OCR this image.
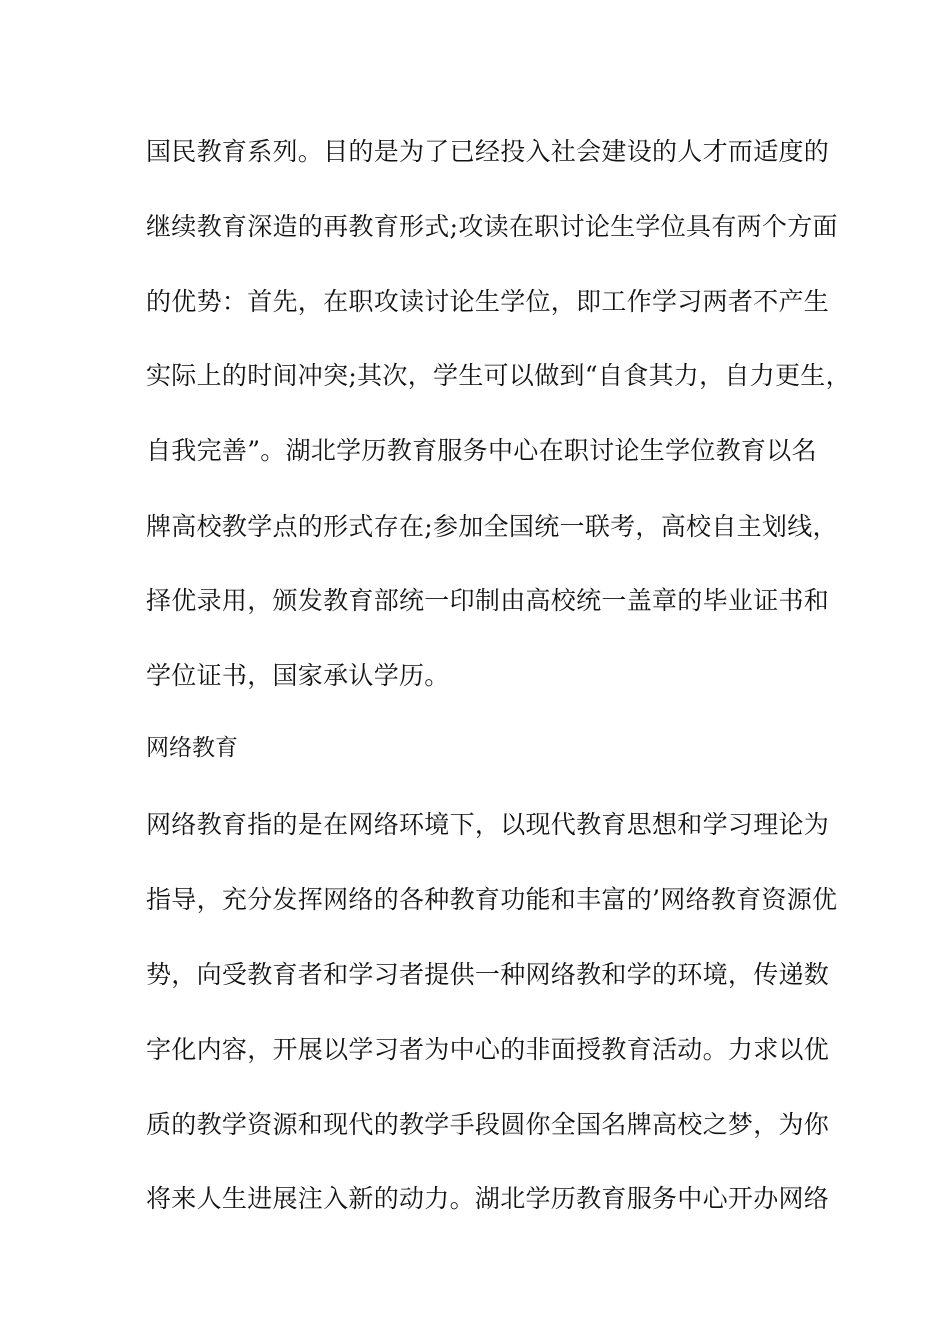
国民教育系列。目的是为了已经投入社会建设的人才而适度的
继续教育深造的再教育形式;攻读在职讨论生学位具有两个方面
的优势：首先，在职攻读讨论生学位，即工作学习两者不产生
实际上的时间冲突;其次，学生可以做到“自食其力，自力更生，
自我完善”。湖北学历教育服务中心在职讨论生学位教育以名
牌高校教学点的形式存在;参加全国统一联考，高校自主划线，
择优录用，颁发教育部统一印制由高校统一盖章的毕业证书和
学位证书，国家承认学历。
网络教育
网络教育指的是在网络环境下，以现代教育思想和学习理论为
指导，充分发挥网络的各种教育功能和丰富的’网络教育资源优
势，向受教育者和学习者提供一种网络教和学的环境，传递数
字化内容，开展以学习者为中心的非面授教育活动。力求以优
质的教学资源和现代的教学手段圆你全国名牌高校之梦，为你
将来人生进展注入新的动力。湖北学历教育服务中心开办网络
